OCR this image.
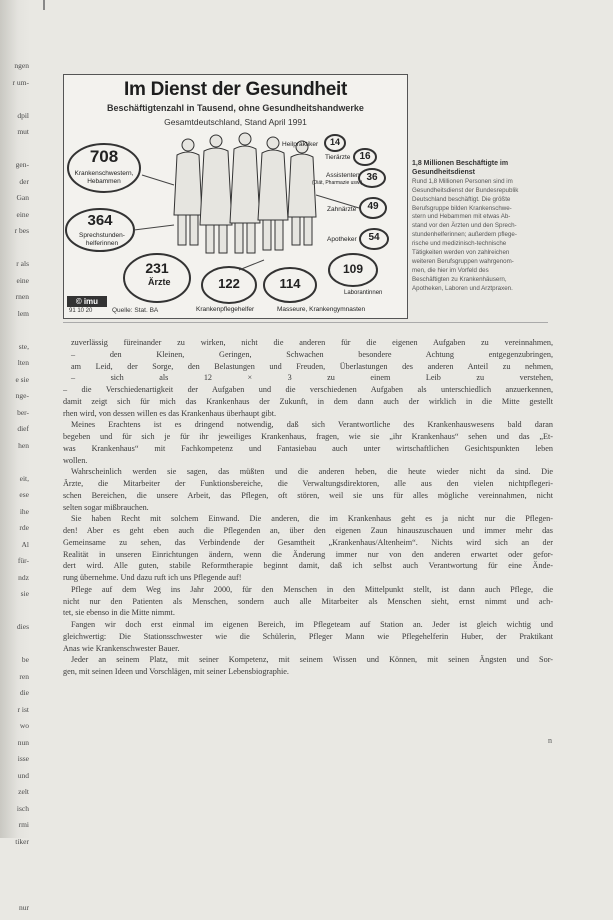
ngen
r um-
dpil
mut
gen-
der
Gan
eine
r bes
r als
eine
rnen
lem
ste,
lten
e sie
nge-
ber-
dief
hen
eit,
ese
ihe
rde
Al
für-
ndz
sie
dies
be
ren
die
r ist
wo
nun
isse
und
zelt
isch
rmi
tiker
nur
Im Dienst der Gesundheit
Beschäftigtenzahl in Tausend, ohne Gesundheitshandwerke
Gesamtdeutschland, Stand April 1991
708
Krankenschwestern, Hebammen
364
Sprechstunden-helferinnen
231
Ärzte	122
Krankenpflegehelfer
114
Masseure, Krankengymnasten
109
Laborantinnen
54
Apotheker
49
Zahnärzte
36
Assistenten
(Diät, Pharmazie usw.)
16
Tierärzte
14
Heilpraktiker
© imu
91 10 20	Quelle: Stat. BA

1,8 Millionen Beschäftigte im Gesundheitsdienst

Rund 1,8 Millionen Personen sind im

Gesundheitsdienst der Bundesrepublik

Deutschland beschäftigt. Die größte

Berufsgruppe bilden Krankenschwe-

stern und Hebammen mit etwas Ab-

stand vor den Ärzten und den Sprech-

stundenhelferinnen; außerdem pflege-

rische und medizinisch-technische

Tätigkeiten werden von zahlreichen

weiteren Berufsgruppen wahrgenom-

men, die hier im Vorfeld des

Beschäftigten zu Krankenhäusern,

Apotheken, Laboren und Arztpraxen.

zuverlässig füreinander zu wirken, nicht die anderen für die eigenen Aufgaben zu vereinnahmen,
– den Kleinen, Geringen, Schwachen besondere Achtung entgegenzubringen,
am Leid, der Sorge, den Belastungen und Freuden, Überlastungen des anderen Anteil zu nehmen,
– sich als 12 × 3 zu einem Leib zu verstehen,
– die Verschiedenartigkeit der Aufgaben und die verschiedenen Aufgaben als unterschiedlich anzuerkennen,
damit zeigt sich für mich das Krankenhaus der Zukunft, in dem dann auch der wirklich in die Mitte gestellt
rhen wird, von dessen willen es das Krankenhaus überhaupt gibt.
Meines Erachtens ist es dringend notwendig, daß sich Verantwortliche des Krankenhauswesens bald daran
begeben und für sich je für ihr jeweiliges Krankenhaus, fragen, wie sie „ihr Krankenhaus“ sehen und das „Et-
was Krankenhaus“ mit Fachkompetenz und Fantasiebau auch unter wirtschaftlichen Gesichtspunkten leben
wollen.
Wahrscheinlich werden sie sagen, das müßten und die anderen heben, die heute wieder nicht da sind. Die
Ärzte, die Mitarbeiter der Funktionsbereiche, die Verwaltungsdirektoren, alle aus den vielen nichtpflegeri-
schen Bereichen, die unsere Arbeit, das Pflegen, oft stören, weil sie uns für alles mögliche vereinnahmen, nicht
selten sogar mißbrauchen.
Sie haben Recht mit solchem Einwand. Die anderen, die im Krankenhaus geht es ja nicht nur die Pflegen-
den! Aber es geht eben auch die Pflegenden an, über den eigenen Zaun hinauszuschauen und immer mehr das
Gemeinsame zu sehen, das Verbindende der Gesamtheit „Krankenhaus/Altenheim“. Nichts wird sich an der
Realität in unseren Einrichtungen ändern, wenn die Änderung immer nur von den anderen erwartet oder gefor-
dert wird. Alle guten, stabile Reformtherapie beginnt damit, daß ich selbst auch Verantwortung für eine Ände-
rung übernehme. Und dazu ruft ich uns Pflegende auf!
Pflege auf dem Weg ins Jahr 2000, für den Menschen in den Mittelpunkt stellt, ist dann auch Pflege, die
nicht nur den Patienten als Menschen, sondern auch alle Mitarbeiter als Menschen sieht, ernst nimmt und ach-
tet, sie ebenso in die Mitte nimmt.
Fangen wir doch erst einmal im eigenen Bereich, im Pflegeteam auf Station an. Jeder ist gleich wichtig und
gleichwertig: Die Stationsschwester wie die Schülerin, Pfleger Mann wie Pflegehelferin Huber, der Praktikant
Anas wie Krankenschwester Bauer.
Jeder an seinem Platz, mit seiner Kompetenz, mit seinem Wissen und Können, mit seinen Ängsten und Sor-
gen, mit seinen Ideen und Vorschlägen, mit seiner Lebensbiographie.
n
